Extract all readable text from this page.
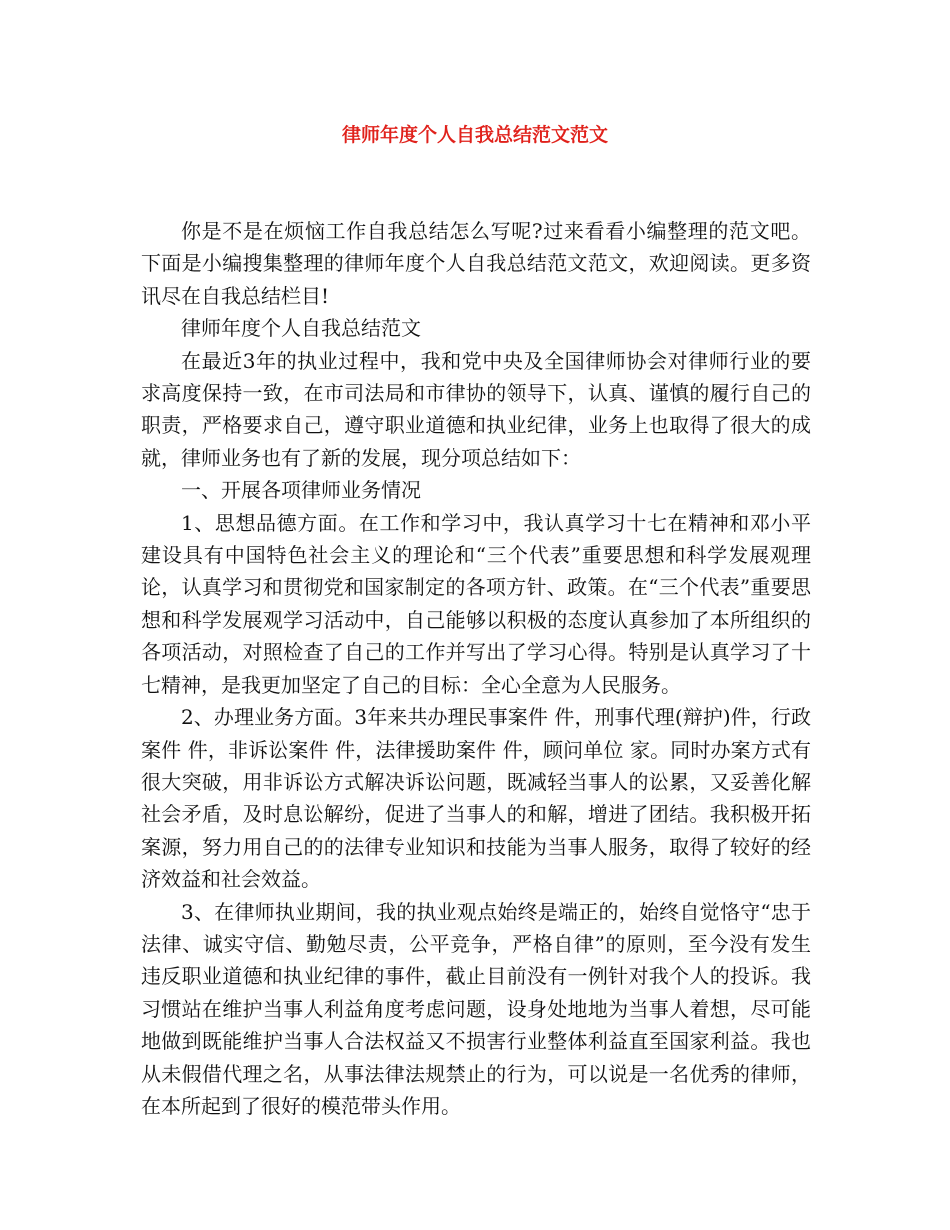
律师年度个人自我总结范文范文

你是不是在烦恼工作自我总结怎么写呢?过来看看小编整理的范文吧。下面是小编搜集整理的律师年度个人自我总结范文范文，欢迎阅读。更多资讯尽在自我总结栏目!

律师年度个人自我总结范文

在最近3年的执业过程中，我和党中央及全国律师协会对律师行业的要求高度保持一致，在市司法局和市律协的领导下，认真、谨慎的履行自己的职责，严格要求自己，遵守职业道德和执业纪律，业务上也取得了很大的成就，律师业务也有了新的发展，现分项总结如下：

一、开展各项律师业务情况

1、思想品德方面。在工作和学习中，我认真学习十七在精神和邓小平建设具有中国特色社会主义的理论和“三个代表”重要思想和科学发展观理论，认真学习和贯彻党和国家制定的各项方针、政策。在“三个代表”重要思想和科学发展观学习活动中，自己能够以积极的态度认真参加了本所组织的各项活动，对照检查了自己的工作并写出了学习心得。特别是认真学习了十七精神，是我更加坚定了自己的目标：全心全意为人民服务。

2、办理业务方面。3年来共办理民事案件 件，刑事代理(辩护)件，行政案件 件，非诉讼案件 件，法律援助案件 件，顾问单位 家。同时办案方式有很大突破，用非诉讼方式解决诉讼问题，既减轻当事人的讼累，又妥善化解社会矛盾，及时息讼解纷，促进了当事人的和解，增进了团结。我积极开拓案源，努力用自己的的法律专业知识和技能为当事人服务，取得了较好的经济效益和社会效益。

3、在律师执业期间，我的执业观点始终是端正的，始终自觉恪守“忠于法律、诚实守信、勤勉尽责，公平竞争，严格自律”的原则，至今没有发生违反职业道德和执业纪律的事件，截止目前没有一例针对我个人的投诉。我习惯站在维护当事人利益角度考虑问题，设身处地地为当事人着想，尽可能地做到既能维护当事人合法权益又不损害行业整体利益直至国家利益。我也从未假借代理之名，从事法律法规禁止的行为，可以说是一名优秀的律师，在本所起到了很好的模范带头作用。
